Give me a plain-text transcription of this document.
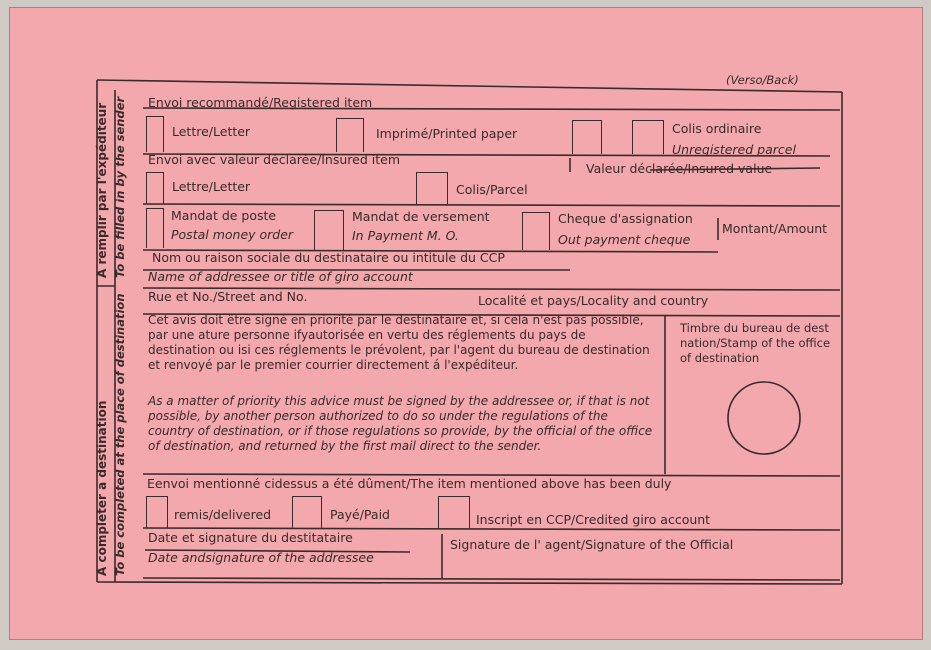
(Verso/Back)
A remplir par l'expéditeur To be filled in by the sender
A completer a destination To be completed at the place of destination
Envoi recommandé/Registered item
Lettre/Letter	Imprimé/Printed paper	Colis ordinaire
Unregistered parcel
Envoi avec valeur déclarée/Insured item
Valeur déclarée/Insured value
Lettre/Letter	Colis/Parcel
Mandat de poste
Postal money order
Mandat de versement
In Payment M. O.
Cheque d'assignation
Out payment cheque
Montant/Amount
Nom ou raison sociale du destinataire ou intitule du CCP
Name of addressee or title of giro account
Rue et No./Street and No.	Localité et pays/Locality and country
Cet avis doit être signé en priorité par le destinataire et, si cela n'est pas possible, par une ature personne ifyautorisée en vertu des réglements du pays de destination ou isi ces réglements le prévolent, par l'agent du bureau de destination et renvoyé par le premier courrier directement á l'expéditeur.
As a matter of priority this advice must be signed by the addressee or, if that is not possible, by another person authorized to do so under the regulations of the country of destination, or if those regulations so provide, by the official of the office of destination, and returned by the first mail direct to the sender.
Timbre du bureau de dest nation/Stamp of the office of destination
Eenvoi mentionné cidessus a été dûment/The item mentioned above has been duly
remis/delivered	Payé/Paid	Inscript en CCP/Credited giro account
Date et signature du destitataire
Date andsignature of the addressee
Signature de l' agent/Signature of the Official
